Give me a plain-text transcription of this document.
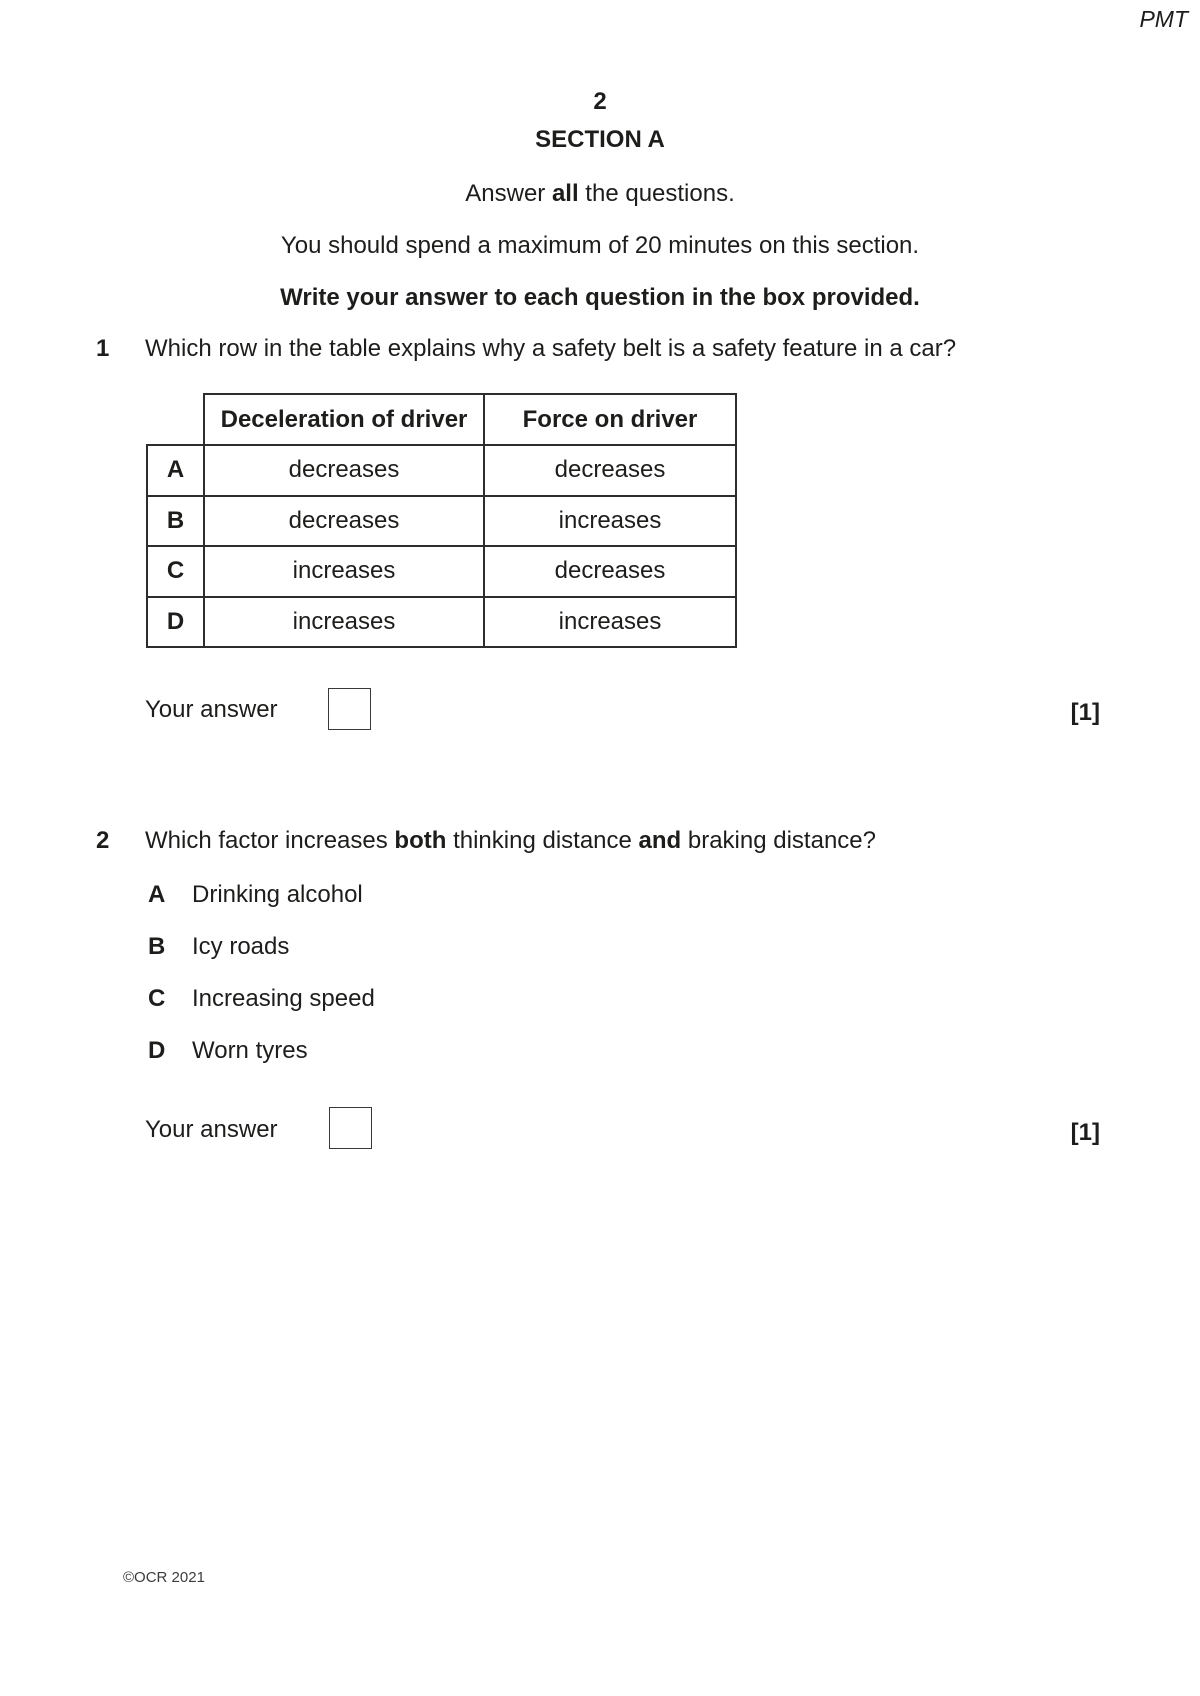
PMT
2
SECTION A
Answer all the questions.
You should spend a maximum of 20 minutes on this section.
Write your answer to each question in the box provided.
1	Which row in the table explains why a safety belt is a safety feature in a car?
	Deceleration of driver	Force on driver
A	decreases	decreases
B	decreases	increases
C	increases	decreases
D	increases	increases
Your answer	[1]
2	Which factor increases both thinking distance and braking distance?
A	Drinking alcohol
B	Icy roads
C	Increasing speed
D	Worn tyres
Your answer	[1]
©OCR 2021
